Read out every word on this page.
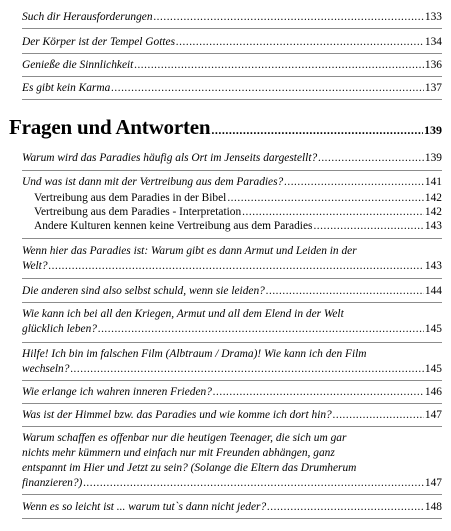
Such dir Herausforderungen .....	133
Der Körper ist der Tempel Gottes .....	134
Genieße die Sinnlichkeit .....	136
Es gibt kein Karma .....	137
Fragen und Antworten .....	139
Warum wird das Paradies häufig als Ort im Jenseits dargestellt? .....	139
Und was ist dann mit der Vertreibung aus dem Paradies? .....	141
Vertreibung aus dem Paradies in der Bibel .....	142
Vertreibung aus dem Paradies - Interpretation .....	142
Andere Kulturen kennen keine Vertreibung aus dem Paradies .....	143
Wenn hier das Paradies ist: Warum gibt es dann Armut und Leiden in der
Welt? .....	143
Die anderen sind also selbst schuld, wenn sie leiden? .....	144
Wie kann ich bei all den Kriegen, Armut und all dem Elend in der Welt
glücklich leben? .....	145
Hilfe! Ich bin im falschen Film (Albtraum / Drama)! Wie kann ich den Film
wechseln? .....	145
Wie erlange ich wahren inneren Frieden? .....	146
Was ist der Himmel bzw. das Paradies und wie komme ich dort hin? .....	147
Warum schaffen es offenbar nur die heutigen Teenager, die sich um gar
nichts mehr kümmern und einfach nur mit Freunden abhängen, ganz
entspannt im Hier und Jetzt zu sein? (Solange die Eltern das Drumherum
finanzieren?) .....	147
Wenn es so leicht ist ... warum tut`s dann nicht jeder? .....	148
